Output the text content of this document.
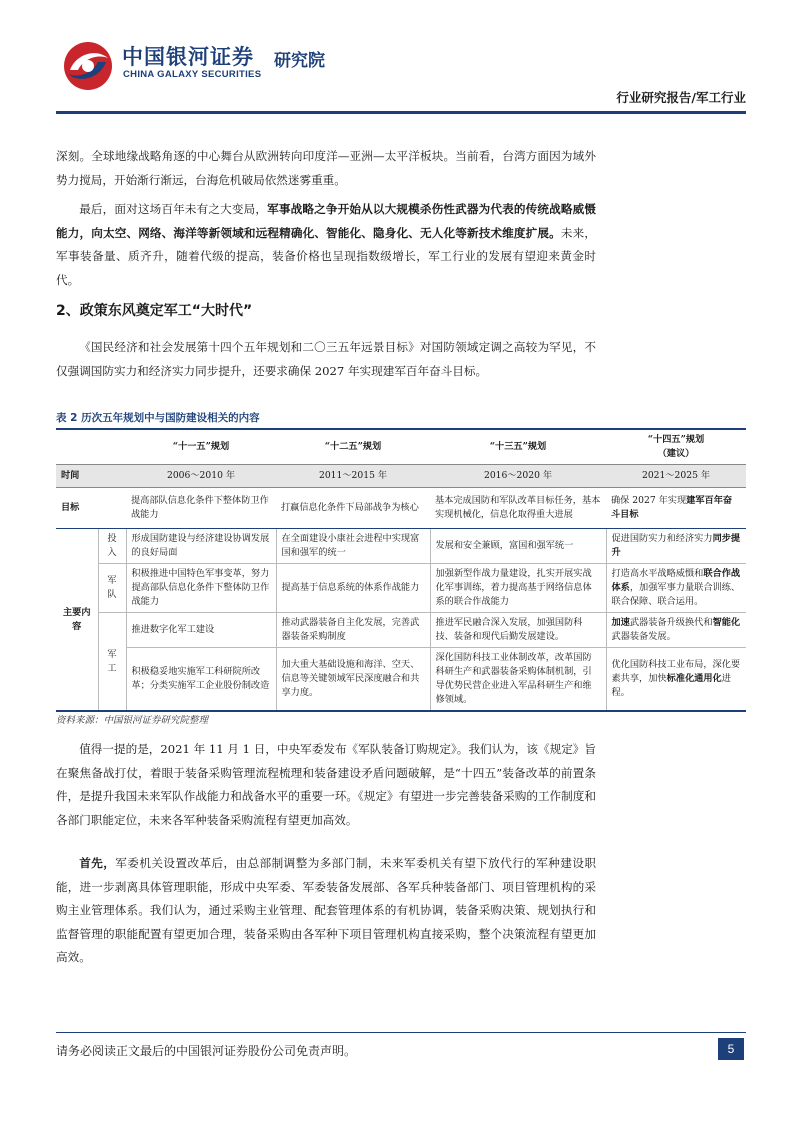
中国银河证券
CHINA GALAXY SECURITIES
研究院
行业研究报告/军工行业

深刻。全球地缘战略角逐的中心舞台从欧洲转向印度洋—亚洲—太平洋板块。当前看，台湾方面因为域外势力搅局，开始渐行渐远，台海危机破局依然迷雾重重。

最后，面对这场百年未有之大变局，军事战略之争开始从以大规模杀伤性武器为代表的传统战略威慑能力，向太空、网络、海洋等新领域和远程精确化、智能化、隐身化、无人化等新技术维度扩展。未来，军事装备量、质齐升，随着代级的提高，装备价格也呈现指数级增长，军工行业的发展有望迎来黄金时代。

2、政策东风奠定军工“大时代”

《国民经济和社会发展第十四个五年规划和二〇三五年远景目标》对国防领域定调之高较为罕见，不仅强调国防实力和经济实力同步提升，还要求确保 2027 年实现建军百年奋斗目标。

表 2 历次五年规划中与国防建设相关的内容
		“十一五”规划	“十二五”规划	“十三五”规划	“十四五”规划
（建议）

时间		2006～2010 年	2011～2015 年	2016～2020 年	2021～2025 年
目标		提高部队信息化条件下整体防卫作战能力	打赢信息化条件下局部战争为核心	基本完成国防和军队改革目标任务，基本实现机械化，信息化取得重大进展	确保 2027 年实现建军百年奋斗目标
主要内容	投入	形成国防建设与经济建设协调发展的良好局面	在全面建设小康社会进程中实现富国和强军的统一	发展和安全兼顾，富国和强军统一	促进国防实力和经济实力同步提升
	军队	积极推进中国特色军事变革，努力提高部队信息化条件下整体防卫作战能力	提高基于信息系统的体系作战能力	加强新型作战力量建设，扎实开展实战化军事训练，着力提高基于网络信息体系的联合作战能力	打造高水平战略威慑和联合作战体系，加强军事力量联合训练、联合保障、联合运用。
	军工	推进数字化军工建设	推动武器装备自主化发展，完善武器装备采购制度	推进军民融合深入发展，加强国防科技、装备和现代后勤发展建设。	加速武器装备升级换代和智能化武器装备发展。
		积极稳妥地实施军工科研院所改革；分类实施军工企业股份制改造	加大重大基础设施和海洋、空天、信息等关键领域军民深度融合和共享力度。	深化国防科技工业体制改革，改革国防科研生产和武器装备采购体制机制，引导优势民营企业进入军品科研生产和维修领域。	优化国防科技工业布局，深化要素共享，加快标准化通用化进程。
资料来源：中国银河证券研究院整理

值得一提的是，2021 年 11 月 1 日，中央军委发布《军队装备订购规定》。我们认为，该《规定》旨在聚焦备战打仗，着眼于装备采购管理流程梳理和装备建设矛盾问题破解，是“十四五”装备改革的前置条件，是提升我国未来军队作战能力和战备水平的重要一环。《规定》有望进一步完善装备采购的工作制度和各部门职能定位，未来各军种装备采购流程有望更加高效。

首先，军委机关设置改革后，由总部制调整为多部门制，未来军委机关有望下放代行的军种建设职能，进一步剥离具体管理职能，形成中央军委、军委装备发展部、各军兵种装备部门、项目管理机构的采购主业管理体系。我们认为，通过采购主业管理、配套管理体系的有机协调，装备采购决策、规划执行和监督管理的职能配置有望更加合理，装备采购由各军种下项目管理机构直接采购，整个决策流程有望更加高效。

请务必阅读正文最后的中国银河证券股份公司免责声明。	5
